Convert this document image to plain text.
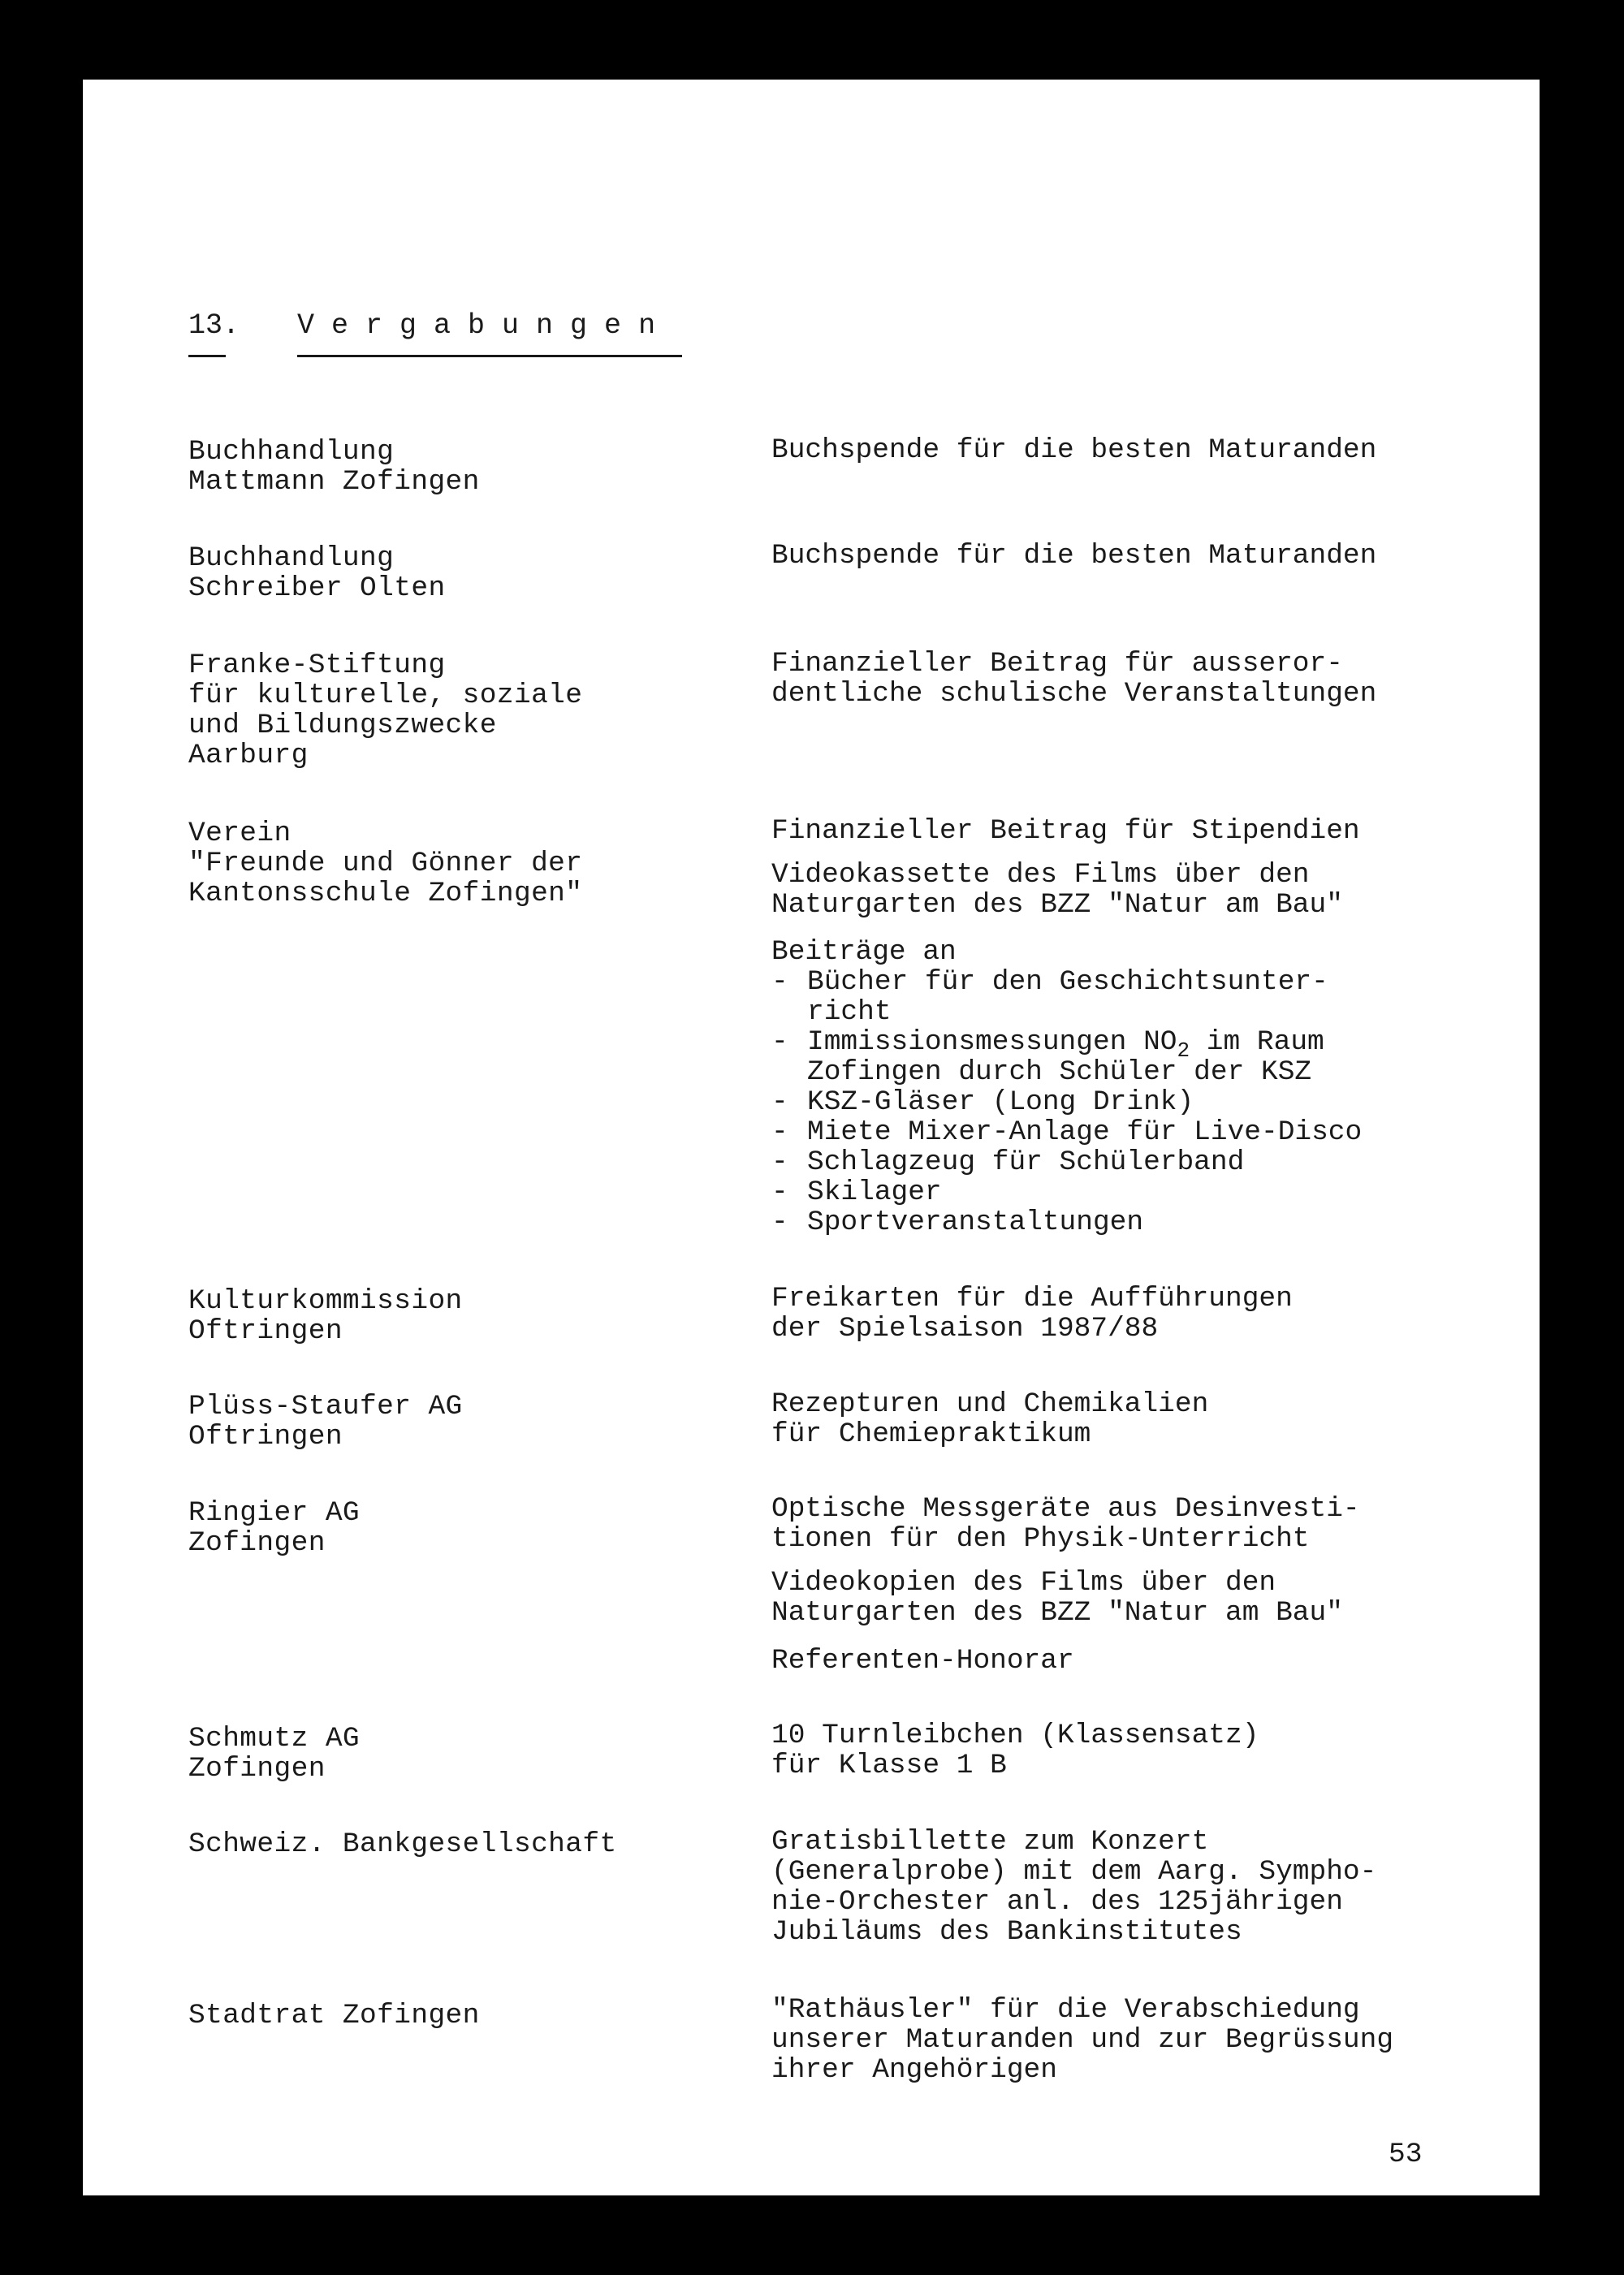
13. V e r g a b u n g e n
Buchhandlung
Mattmann Zofingen
Buchspende für die besten Maturanden
Buchhandlung
Schreiber Olten
Buchspende für die besten Maturanden
Franke-Stiftung
für kulturelle, soziale
und Bildungszwecke
Aarburg
Finanzieller Beitrag für ausseror-
dentliche schulische Veranstaltungen
Verein
"Freunde und Gönner der
Kantonsschule Zofingen"
Finanzieller Beitrag für Stipendien
Videokassette des Films über den
Naturgarten des BZZ "Natur am Bau"
Beiträge an
- Bücher für den Geschichtsunter-
richt
- Immissionsmessungen $NO_2$ im Raum
Zofingen durch Schüler der KSZ
- KSZ-Gläser (Long Drink)
- Miete Mixer-Anlage für Live-Disco
- Schlagzeug für Schülerband
- Skilager
- Sportveranstaltungen
Kulturkommission
Oftringen
Freikarten für die Aufführungen
der Spielsaison 1987/88
Plüss-Staufer AG
Oftringen
Rezepturen und Chemikalien
für Chemiepraktikum
Ringier AG
Zofingen
Optische Messgeräte aus Desinvesti-
tionen für den Physik-Unterricht
Videokopien des Films über den
Naturgarten des BZZ "Natur am Bau"
Referenten-Honorar
Schmutz AG
Zofingen
10 Turnleibchen (Klassensatz)
für Klasse 1 B
Schweiz. Bankgesellschaft	Gratisbillette zum Konzert
(Generalprobe) mit dem Aarg. Sympho-
nie-Orchester anl. des 125jährigen
Jubiläums des Bankinstitutes
Stadtrat Zofingen	"Rathäusler" für die Verabschiedung
unserer Maturanden und zur Begrüssung
ihrer Angehörigen
53
